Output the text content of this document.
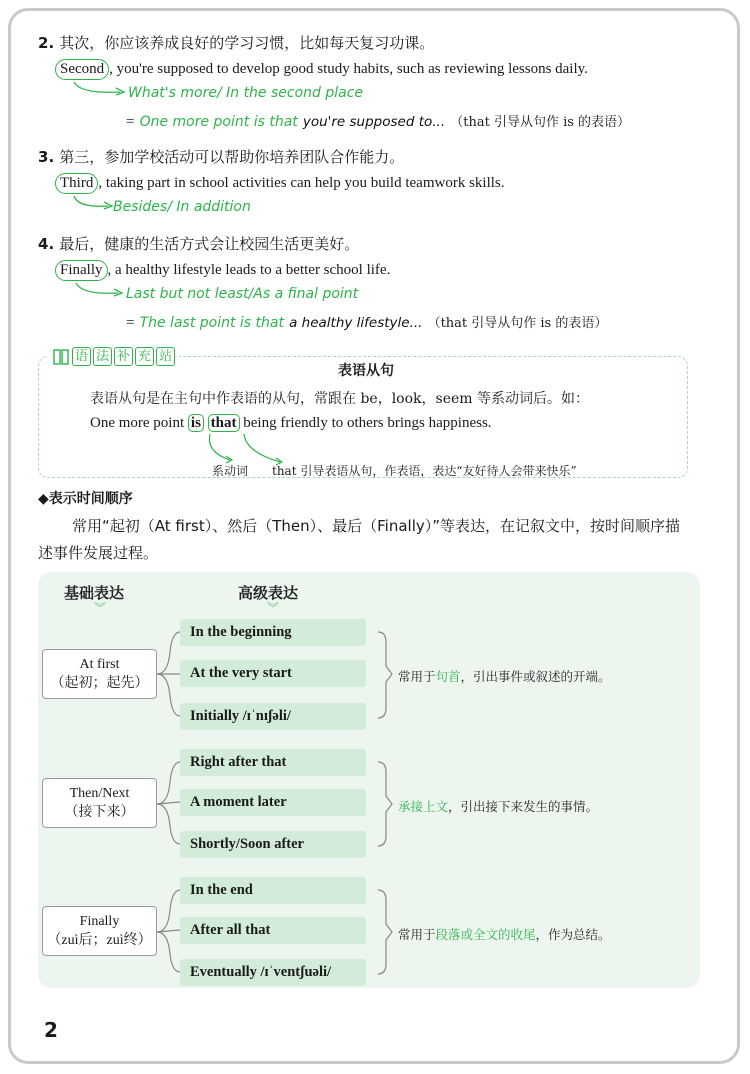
2. 其次，你应该养成良好的学习习惯，比如每天复习功课。
Second , you're supposed to develop good study habits, such as reviewing lessons daily.
What's more/ In the second place
= One more point is that you're supposed to... （that 引导从句作 is 的表语）
3. 第三，参加学校活动可以帮助你培养团队合作能力。
Third , taking part in school activities can help you build teamwork skills.
Besides/ In addition
4. 最后，健康的生活方式会让校园生活更美好。
Finally , a healthy lifestyle leads to a better school life.
Last but not least/As a final point
= The last point is that a healthy lifestyle... （that 引导从句作 is 的表语）
语 法 补 充 站
表语从句
表语从句是在主句中作表语的从句，常跟在 be，look，seem 等系动词后。如：
One more point is that being friendly to others brings happiness.
系动词 that 引导表语从句，作表语，表达“友好待人会带来快乐”
◆表示时间顺序
常用“起初（At first）、然后（Then）、最后（Finally）”等表达，在记叙文中，按时间顺序描
述事件发展过程。
基础表达
︾
高级表达
︾
At first
（起初；起先）
In the beginning
At the very start
Initially /ɪˈnɪʃəli/
常用于句首，引出事件或叙述的开端。
Then/Next
（接下来）
Right after that
A moment later
Shortly/Soon after
承接上文，引出接下来发生的事情。
Finally
（zuì后；zuì终）
In the end
After all that
Eventually /ɪˈventʃuəli/
常用于段落或全文的收尾，作为总结。
2
